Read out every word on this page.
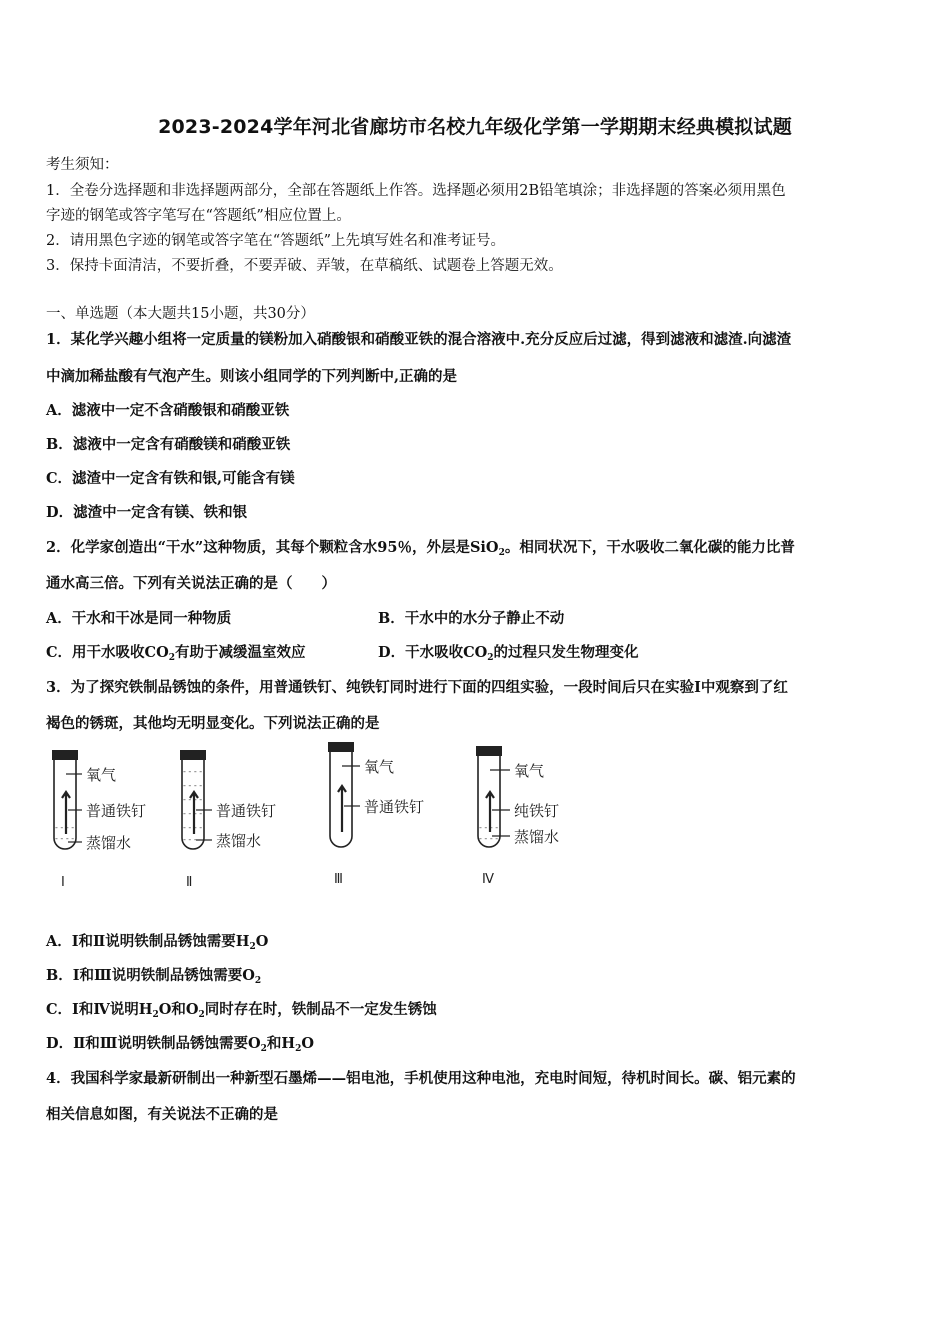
2023-2024学年河北省廊坊市名校九年级化学第一学期期末经典模拟试题
考生须知：
1．全卷分选择题和非选择题两部分，全部在答题纸上作答。选择题必须用2B铅笔填涂；非选择题的答案必须用黑色
字迹的钢笔或答字笔写在“答题纸”相应位置上。
2．请用黑色字迹的钢笔或答字笔在“答题纸”上先填写姓名和准考证号。
3．保持卡面清洁，不要折叠，不要弄破、弄皱，在草稿纸、试题卷上答题无效。
一、单选题（本大题共15小题，共30分）
1．某化学兴趣小组将一定质量的镁粉加入硝酸银和硝酸亚铁的混合溶液中.充分反应后过滤，得到滤液和滤渣.向滤渣
中滴加稀盐酸有气泡产生。则该小组同学的下列判断中,正确的是
A．滤液中一定不含硝酸银和硝酸亚铁
B．滤液中一定含有硝酸镁和硝酸亚铁
C．滤渣中一定含有铁和银,可能含有镁
D．滤渣中一定含有镁、铁和银
2．化学家创造出“干水”这种物质，其每个颗粒含水95％，外层是SiO$_2$。相同状况下，干水吸收二氧化碳的能力比普
通水高三倍。下列有关说法正确的是（　　）
A．干水和干冰是同一种物质	B．干水中的水分子静止不动
C．用干水吸收$CO_2$有助于减缓温室效应	D．干水吸收$CO_2$的过程只发生物理变化
3．为了探究铁制品锈蚀的条件，用普通铁钉、纯铁钉同时进行下面的四组实验，一段时间后只在实验Ⅰ中观察到了红
褐色的锈斑，其他均无明显变化。下列说法正确的是
- - - -
- - - -
氧气
普通铁钉
蒸馏水
Ⅰ
- - - -
- - - -
- - - -
- - - -
- - - -
- - - -
普通铁钉
蒸馏水
Ⅱ
氧气
普通铁钉
Ⅲ
- - - -
- - - -
氧气
纯铁钉
蒸馏水
Ⅳ
A．Ⅰ和Ⅱ说明铁制品锈蚀需要$H_2O$
B．Ⅰ和Ⅲ说明铁制品锈蚀需要$O_2$
C．Ⅰ和Ⅳ说明$H_2O$和$O_2$同时存在时，铁制品不一定发生锈蚀
D．Ⅱ和Ⅲ说明铁制品锈蚀需要$O_2$和$H_2O$
4．我国科学家最新研制出一种新型石墨烯——铝电池，手机使用这种电池，充电时间短，待机时间长。碳、铝元素的
相关信息如图，有关说法不正确的是
